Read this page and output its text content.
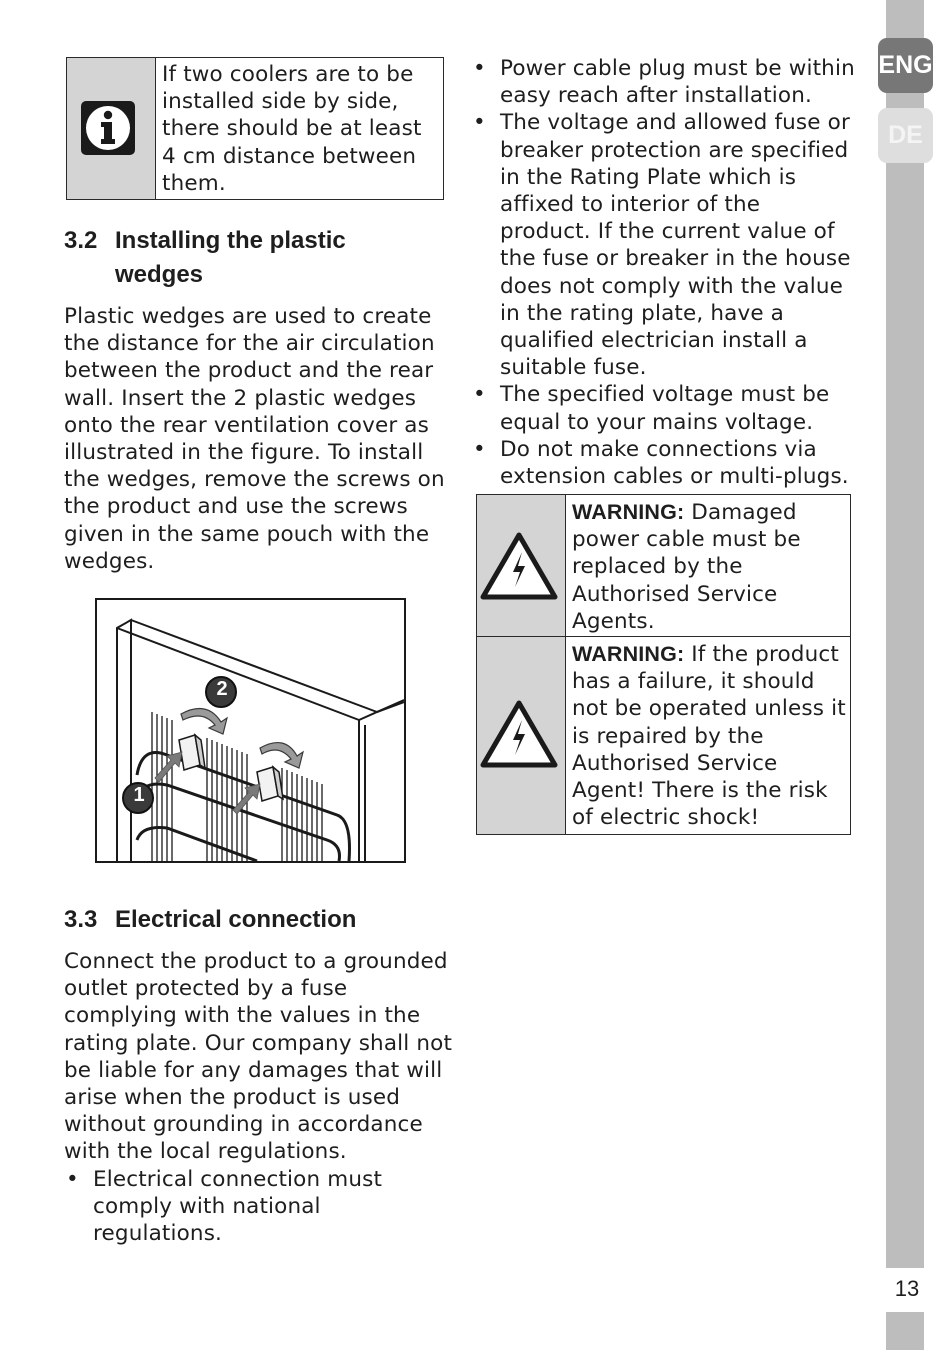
ENG
DE
13
If two coolers are to be installed side by side, there should be at least 4 cm distance between them.
3.2 Installing the plastic wedges
Plastic wedges are used to create the distance for the air circulation between the product and the rear wall. Insert the 2 plastic wedges onto the rear ventilation cover as illustrated in the figure. To install the wedges, remove the screws on the product and use the screws given in the same pouch with the wedges.
2
1
3.3 Electrical connection
Connect the product to a grounded outlet protected by a fuse complying with the values in the rating plate. Our company shall not be liable for any damages that will arise when the product is used without grounding in accordance with the local regulations.
• Electrical connection must comply with national regulations.
• Power cable plug must be within easy reach after installation.
• The voltage and allowed fuse or breaker protection are specified in the Rating Plate which is affixed to interior of the product. If the current value of the fuse or breaker in the house does not comply with the value in the rating plate, have a qualified electrician install a suitable fuse.
• The specified voltage must be equal to your mains voltage.
• Do not make connections via extension cables or multi-plugs.
WARNING: Damaged power cable must be replaced by the Authorised Service Agents.
WARNING: If the product has a failure, it should not be operated unless it is repaired by the Authorised Service Agent! There is the risk of electric shock!
